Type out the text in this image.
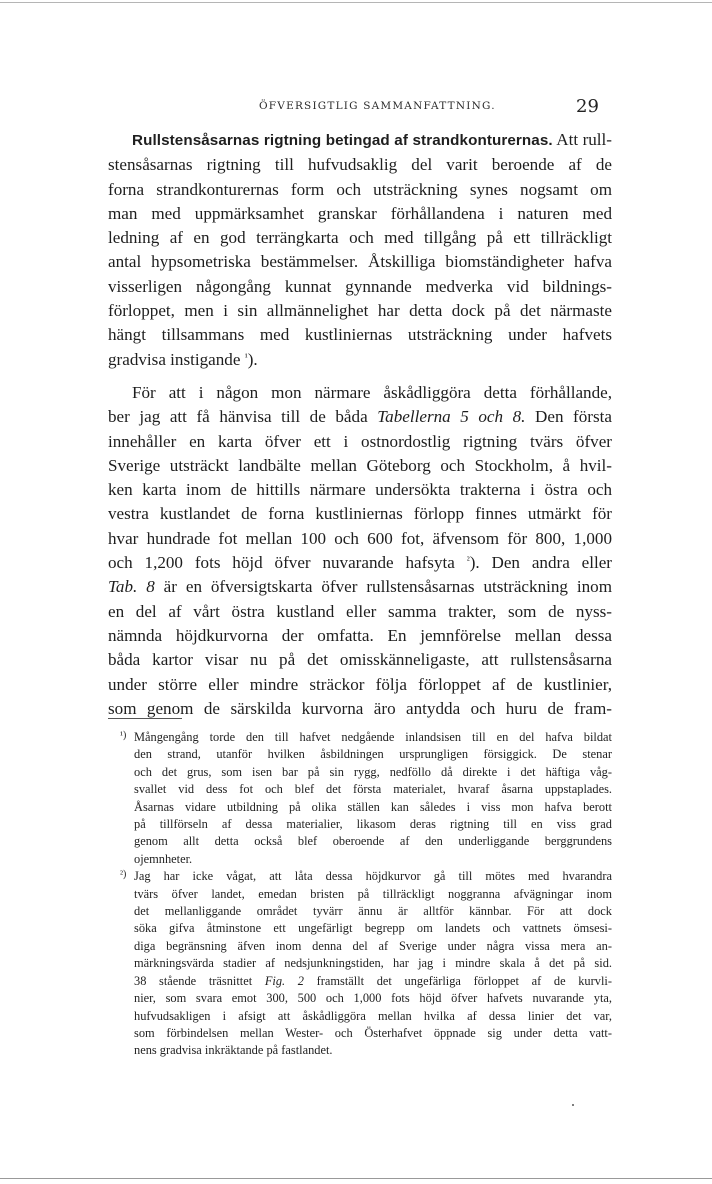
ÖFVERSIGTLIG SAMMANFATTNING.	29
Rullstensåsarnas rigtning betingad af strandkonturernas. Att rull-
stensåsarnas rigtning till hufvudsaklig del varit beroende af de
forna strandkonturernas form och utsträckning synes nogsamt om
man med uppmärksamhet granskar förhållandena i naturen med
ledning af en god terrängkarta och med tillgång på ett tillräckligt
antal hypsometriska bestämmelser. Åtskilliga biomständigheter hafva
visserligen någongång kunnat gynnande medverka vid bildnings-
förloppet, men i sin allmännelighet har detta dock på det närmaste
hängt tillsammans med kustliniernas utsträckning under hafvets
gradvisa instigande $^{^1}$).
För att i någon mon närmare åskådliggöra detta förhållande,
ber jag att få hänvisa till de båda Tabellerna 5 och 8. Den första
innehåller en karta öfver ett i ostnordostlig rigtning tvärs öfver
Sverige utsträckt landbälte mellan Göteborg och Stockholm, å hvil-
ken karta inom de hittills närmare undersökta trakterna i östra och
vestra kustlandet de forna kustliniernas förlopp finnes utmärkt för
hvar hundrade fot mellan 100 och 600 fot, äfvensom för 800, 1,000
och 1,200 fots höjd öfver nuvarande hafsyta $^{^2}$). Den andra eller
Tab. 8 är en öfversigtskarta öfver rullstensåsarnas utsträckning inom
en del af vårt östra kustland eller samma trakter, som de nyss-
nämnda höjdkurvorna der omfatta. En jemnförelse mellan dessa
båda kartor visar nu på det omisskänneligaste, att rullstensåsarna
under större eller mindre sträckor följa förloppet af de kustlinier,
som genom de särskilda kurvorna äro antydda och huru de fram-
¹) Mångengång torde den till hafvet nedgående inlandsisen till en del hafva bildat
den strand, utanför hvilken åsbildningen ursprungligen försiggick. De stenar
och det grus, som isen bar på sin rygg, nedföllo då direkte i det häftiga våg-
svallet vid dess fot och blef det första materialet, hvaraf åsarna uppstaplades.
Åsarnas vidare utbildning på olika ställen kan således i viss mon hafva berott
på tillförseln af dessa materialier, likasom deras rigtning till en viss grad
genom allt detta också blef oberoende af den underliggande berggrundens
ojemnheter.
²) Jag har icke vågat, att låta dessa höjdkurvor gå till mötes med hvarandra
tvärs öfver landet, emedan bristen på tillräckligt noggranna afvägningar inom
det mellanliggande området tyvärr ännu är alltför kännbar. För att dock
söka gifva åtminstone ett ungefärligt begrepp om landets och vattnets ömsesi-
diga begränsning äfven inom denna del af Sverige under några vissa mera an-
märkningsvärda stadier af nedsjunkningstiden, har jag i mindre skala å det på sid.
38 stående träsnittet Fig. 2 framställt det ungefärliga förloppet af de kurvli-
nier, som svara emot 300, 500 och 1,000 fots höjd öfver hafvets nuvarande yta,
hufvudsakligen i afsigt att åskådliggöra mellan hvilka af dessa linier det var,
som förbindelsen mellan Wester- och Österhafvet öppnade sig under detta vatt-
nens gradvisa inkräktande på fastlandet.
